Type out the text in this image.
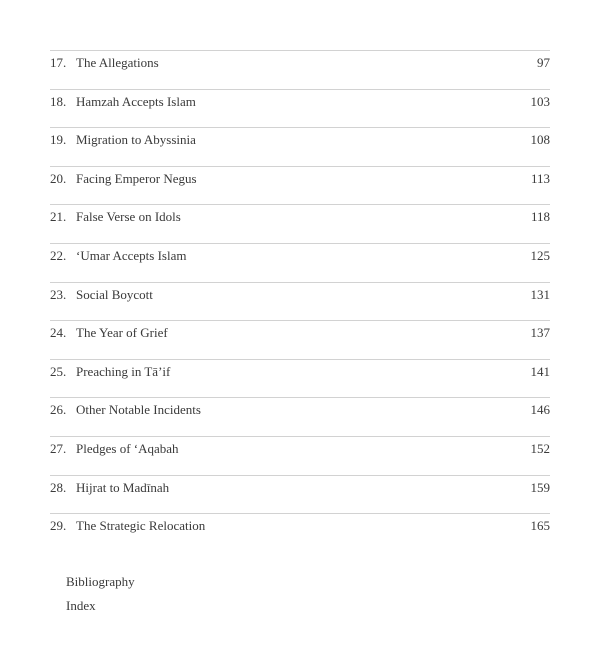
17. The Allegations	97
18. Hamzah Accepts Islam	103
19. Migration to Abyssinia	108
20. Facing Emperor Negus	113
21. False Verse on Idols	118
22. ‘Umar Accepts Islam	125
23. Social Boycott	131
24. The Year of Grief	137
25. Preaching in Tā’if	141
26. Other Notable Incidents	146
27. Pledges of ‘Aqabah	152
28. Hijrat to Madīnah	159
29. The Strategic Relocation	165
Bibliography
Index
